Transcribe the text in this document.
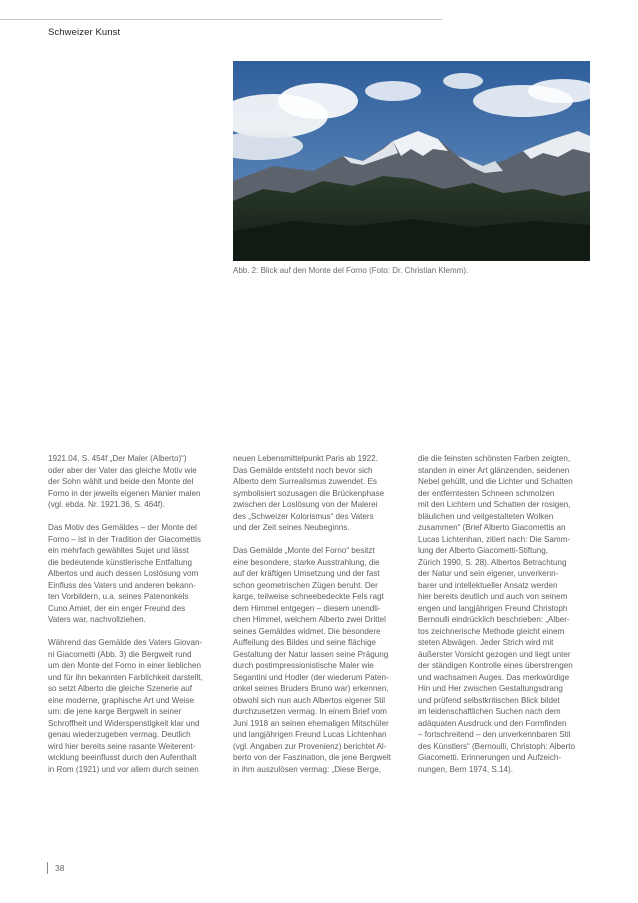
Schweizer Kunst
Abb. 2: Blick auf den Monte del Forno (Foto: Dr. Christian Klemm).

1921.04, S. 454f „Der Maler (Alberto)“)
oder aber der Vater das gleiche Motiv wie
der Sohn wählt und beide den Monte del
Forno in der jeweils eigenen Manier malen
(vgl. ebda. Nr. 1921.36, S. 464f).

Das Motiv des Gemäldes – der Monte del
Forno – ist in der Tradition der Giacomettis
ein mehrfach gewähltes Sujet und lässt
die bedeutende künstlerische Entfaltung
Albertos und auch dessen Loslösung vom
Einfluss des Vaters und anderen bekann-
ten Vorbildern, u.a. seines Patenonkels
Cuno Amiet, der ein enger Freund des
Vaters war, nachvollziehen.

Während das Gemälde des Vaters Giovan-
ni Giacometti (Abb. 3) die Bergwelt rund
um den Monte del Forno in einer lieblichen
und für ihn bekannten Farblichkeit darstellt,
so setzt Alberto die gleiche Szenerie auf
eine moderne, graphische Art und Weise
um: die jene karge Bergwelt in seiner
Schroffheit und Widerspenstigkeit klar und
genau wiederzugeben vermag. Deutlich
wird hier bereits seine rasante Weiterent-
wicklung beeinflusst durch den Aufenthalt
in Rom (1921) und vor allem durch seinen

neuen Lebensmittelpunkt Paris ab 1922.
Das Gemälde entsteht noch bevor sich
Alberto dem Surrealismus zuwendet. Es
symbolisiert sozusagen die Brückenphase
zwischen der Loslösung von der Malerei
des „Schweizer Kolorismus“ des Vaters
und der Zeit seines Neubeginns.

Das Gemälde „Monte del Forno“ besitzt
eine besondere, starke Ausstrahlung, die
auf der kräftigen Umsetzung und der fast
schon geometrischen Zügen beruht. Der
karge, teilweise schneebedeckte Fels ragt
dem Himmel entgegen – diesem unendli-
chen Himmel, welchem Alberto zwei Drittel
seines Gemäldes widmet. Die besondere
Auffeilung des Bildes und seine flächige
Gestaltung der Natur lassen seine Prägung
durch postimpressionistische Maler wie
Segantini und Hodler (der wiederum Paten-
onkel seines Bruders Bruno war) erkennen,
obwohl sich nun auch Albertos eigener Stil
durchzusetzen vermag. In einem Brief vom
Juni 1918 an seinen ehemaligen Mitschüler
und langjährigen Freund Lucas Lichtenhan
(vgl. Angaben zur Provenienz) berichtet Al-
berto von der Faszination, die jene Bergwelt
in ihm auszulösen vermag: „Diese Berge,

die die feinsten schönsten Farben zeigten,
standen in einer Art glänzenden, seidenen
Nebel gehüllt, und die Lichter und Schatten
der entferntesten Schneen schmolzen
mit den Lichtern und Schatten der rosigen,
bläulichen und veilgestalteten Wolken
zusammen“ (Brief Alberto Giacomettis an
Lucas Lichtenhan, zitiert nach: Die Samm-
lung der Alberto Giacometti-Stiftung,
Zürich 1990, S. 28). Albertos Betrachtung
der Natur und sein eigener, unverkenn-
barer und intellektueller Ansatz werden
hier bereits deutlich und auch von seinem
engen und langjährigen Freund Christoph
Bernoulli eindrücklich beschrieben: „Alber-
tos zeichnerische Methode gleicht einem
steten Abwägen. Jeder Strich wird mit
äußerster Vorsicht gezogen und liegt unter
der ständigen Kontrolle eines überstrengen
und wachsamen Auges. Das merkwürdige
Hin und Her zwischen Gestaltungsdrang
und prüfend selbstkritischen Blick bildet
im leidenschaftlichen Suchen nach dem
adäquaten Ausdruck und den Formfinden
– fortschreitend – den unverkennbaren Stil
des Künstlers“ (Bernoulli, Christoph: Alberto
Giacometti. Erinnerungen und Aufzeich-
nungen, Bern 1974, S.14).

38
